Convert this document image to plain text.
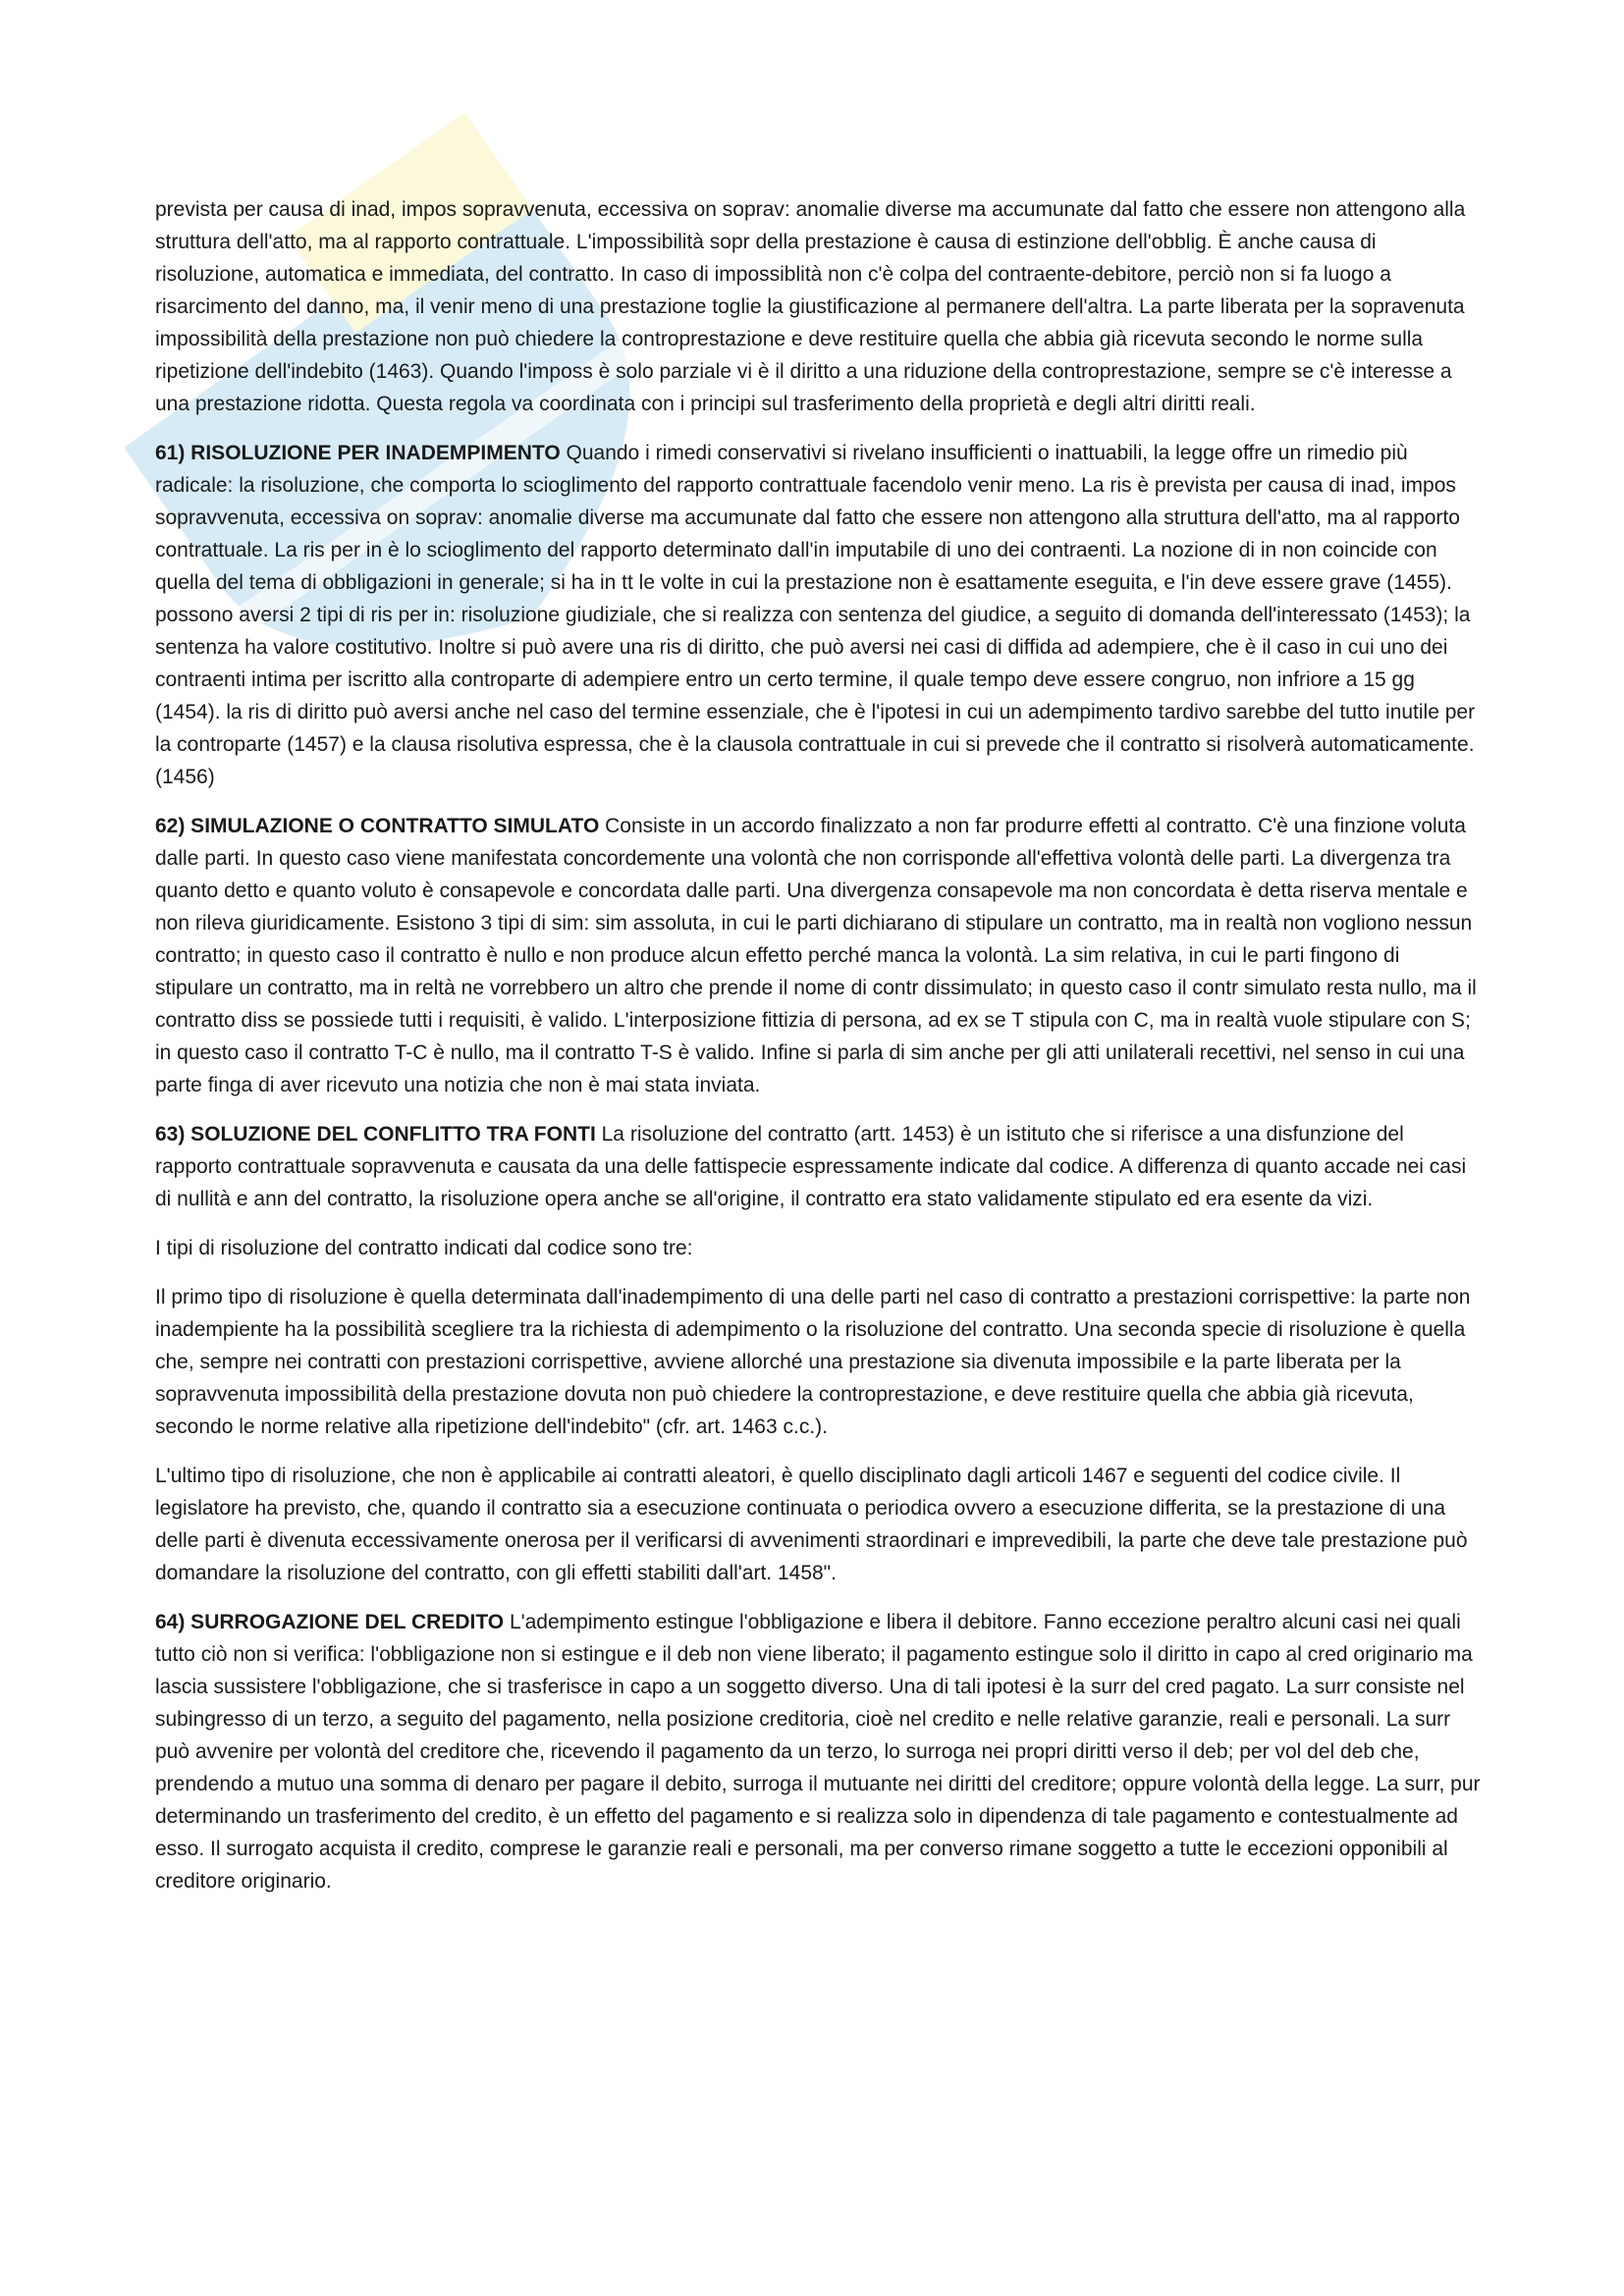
prevista per causa di inad, impos sopravvenuta, eccessiva on soprav: anomalie diverse ma accumunate dal fatto che essere non attengono alla struttura dell'atto, ma al rapporto contrattuale. L'impossibilità sopr della prestazione è causa di estinzione dell'obblig. È anche causa di risoluzione, automatica e immediata, del contratto. In caso di impossiblità non c'è colpa del contraente-debitore, perciò non si fa luogo a risarcimento del danno, ma, il venir meno di una prestazione toglie la giustificazione al permanere dell'altra. La parte liberata per la sopravenuta impossibilità della prestazione non può chiedere la controprestazione e deve restituire quella che abbia già ricevuta secondo le norme sulla ripetizione dell'indebito (1463). Quando l'imposs è solo parziale vi è il diritto a una riduzione della controprestazione, sempre se c'è interesse a una prestazione ridotta. Questa regola va coordinata con i principi sul trasferimento della proprietà e degli altri diritti reali.

61) RISOLUZIONE PER INADEMPIMENTO Quando i rimedi conservativi si rivelano insufficienti o inattuabili, la legge offre un rimedio più radicale: la risoluzione, che comporta lo scioglimento del rapporto contrattuale facendolo venir meno. La ris è prevista per causa di inad, impos sopravvenuta, eccessiva on soprav: anomalie diverse ma accumunate dal fatto che essere non attengono alla struttura dell'atto, ma al rapporto contrattuale. La ris per in è lo scioglimento del rapporto determinato dall'in imputabile di uno dei contraenti. La nozione di in non coincide con quella del tema di obbligazioni in generale; si ha in tt le volte in cui la prestazione non è esattamente eseguita, e l'in deve essere grave (1455). possono aversi 2 tipi di ris per in: risoluzione giudiziale, che si realizza con sentenza del giudice, a seguito di domanda dell'interessato (1453); la sentenza ha valore costitutivo. Inoltre si può avere una ris di diritto, che può aversi nei casi di diffida ad adempiere, che è il caso in cui uno dei contraenti intima per iscritto alla controparte di adempiere entro un certo termine, il quale tempo deve essere congruo, non infriore a 15 gg (1454). la ris di diritto può aversi anche nel caso del termine essenziale, che è l'ipotesi in cui un adempimento tardivo sarebbe del tutto inutile per la controparte (1457) e la clausa risolutiva espressa, che è la clausola contrattuale in cui si prevede che il contratto si risolverà automaticamente. (1456)

62) SIMULAZIONE O CONTRATTO SIMULATO Consiste in un accordo finalizzato a non far produrre effetti al contratto. C'è una finzione voluta dalle parti. In questo caso viene manifestata concordemente una volontà che non corrisponde all'effettiva volontà delle parti. La divergenza tra quanto detto e quanto voluto è consapevole e concordata dalle parti. Una divergenza consapevole ma non concordata è detta riserva mentale e non rileva giuridicamente. Esistono 3 tipi di sim: sim assoluta, in cui le parti dichiarano di stipulare un contratto, ma in realtà non vogliono nessun contratto; in questo caso il contratto è nullo e non produce alcun effetto perché manca la volontà. La sim relativa, in cui le parti fingono di stipulare un contratto, ma in reltà ne vorrebbero un altro che prende il nome di contr dissimulato; in questo caso il contr simulato resta nullo, ma il contratto diss se possiede tutti i requisiti, è valido. L'interposizione fittizia di persona, ad ex se T stipula con C, ma in realtà vuole stipulare con S; in questo caso il contratto T-C è nullo, ma il contratto T-S è valido. Infine si parla di sim anche per gli atti unilaterali recettivi, nel senso in cui una parte finga di aver ricevuto una notizia che non è mai stata inviata.

63) SOLUZIONE DEL CONFLITTO TRA FONTI La risoluzione del contratto (artt. 1453) è un istituto che si riferisce a una disfunzione del rapporto contrattuale sopravvenuta e causata da una delle fattispecie espressamente indicate dal codice. A differenza di quanto accade nei casi di nullità e ann del contratto, la risoluzione opera anche se all'origine, il contratto era stato validamente stipulato ed era esente da vizi.

I tipi di risoluzione del contratto indicati dal codice sono tre:

Il primo tipo di risoluzione è quella determinata dall'inadempimento di una delle parti nel caso di contratto a prestazioni corrispettive: la parte non inadempiente ha la possibilità scegliere tra la richiesta di adempimento o la risoluzione del contratto. Una seconda specie di risoluzione è quella che, sempre nei contratti con prestazioni corrispettive, avviene allorché una prestazione sia divenuta impossibile e la parte liberata per la sopravvenuta impossibilità della prestazione dovuta non può chiedere la controprestazione, e deve restituire quella che abbia già ricevuta, secondo le norme relative alla ripetizione dell'indebito" (cfr. art. 1463 c.c.).

L'ultimo tipo di risoluzione, che non è applicabile ai contratti aleatori, è quello disciplinato dagli articoli 1467 e seguenti del codice civile. Il legislatore ha previsto, che, quando il contratto sia a esecuzione continuata o periodica ovvero a esecuzione differita, se la prestazione di una delle parti è divenuta eccessivamente onerosa per il verificarsi di avvenimenti straordinari e imprevedibili, la parte che deve tale prestazione può domandare la risoluzione del contratto, con gli effetti stabiliti dall'art. 1458".

64) SURROGAZIONE DEL CREDITO L'adempimento estingue l'obbligazione e libera il debitore. Fanno eccezione peraltro alcuni casi nei quali tutto ciò non si verifica: l'obbligazione non si estingue e il deb non viene liberato; il pagamento estingue solo il diritto in capo al cred originario ma lascia sussistere l'obbligazione, che si trasferisce in capo a un soggetto diverso. Una di tali ipotesi è la surr del cred pagato. La surr consiste nel subingresso di un terzo, a seguito del pagamento, nella posizione creditoria, cioè nel credito e nelle relative garanzie, reali e personali. La surr può avvenire per volontà del creditore che, ricevendo il pagamento da un terzo, lo surroga nei propri diritti verso il deb; per vol del deb che, prendendo a mutuo una somma di denaro per pagare il debito, surroga il mutuante nei diritti del creditore; oppure volontà della legge. La surr, pur determinando un trasferimento del credito, è un effetto del pagamento e si realizza solo in dipendenza di tale pagamento e contestualmente ad esso. Il surrogato acquista il credito, comprese le garanzie reali e personali, ma per converso rimane soggetto a tutte le eccezioni opponibili al creditore originario.
